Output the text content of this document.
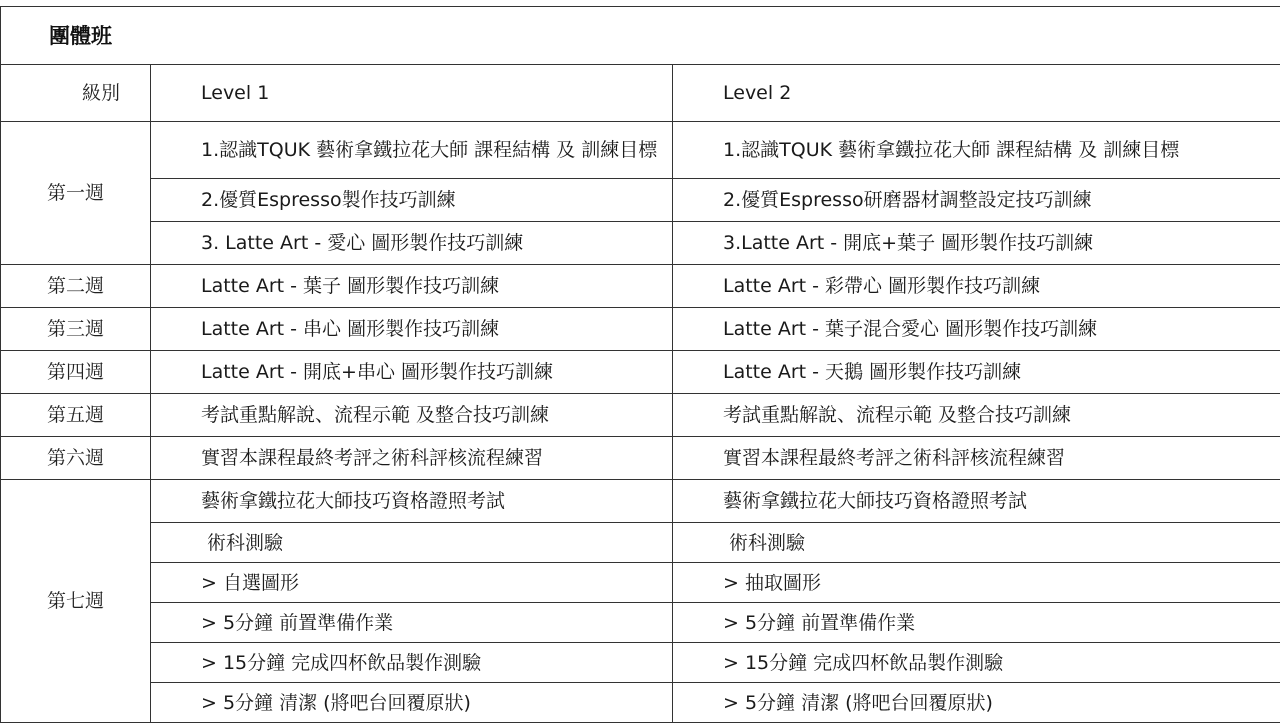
團體班		
級別	Level 1	Level 2
第一週	1.認識TQUK 藝術拿鐵拉花大師 課程結構 及 訓練目標	1.認識TQUK 藝術拿鐵拉花大師 課程結構 及 訓練目標
	2.優質Espresso製作技巧訓練	2.優質Espresso研磨器材調整設定技巧訓練
	3. Latte Art - 愛心 圖形製作技巧訓練	3.Latte Art - 開底+葉子 圖形製作技巧訓練
第二週	Latte Art - 葉子 圖形製作技巧訓練	Latte Art - 彩帶心 圖形製作技巧訓練
第三週	Latte Art - 串心 圖形製作技巧訓練	Latte Art - 葉子混合愛心 圖形製作技巧訓練
第四週	Latte Art - 開底+串心 圖形製作技巧訓練	Latte Art - 天鵝 圖形製作技巧訓練
第五週	考試重點解說、流程示範 及整合技巧訓練	考試重點解說、流程示範 及整合技巧訓練
第六週	實習本課程最終考評之術科評核流程練習	實習本課程最終考評之術科評核流程練習
第七週	藝術拿鐵拉花大師技巧資格證照考試	藝術拿鐵拉花大師技巧資格證照考試
	術科測驗	術科測驗
	> 自選圖形	> 抽取圖形
	> 5分鐘 前置準備作業	> 5分鐘 前置準備作業
	> 15分鐘 完成四杯飲品製作測驗	> 15分鐘 完成四杯飲品製作測驗
	> 5分鐘 清潔 (將吧台回覆原狀)	> 5分鐘 清潔 (將吧台回覆原狀)
